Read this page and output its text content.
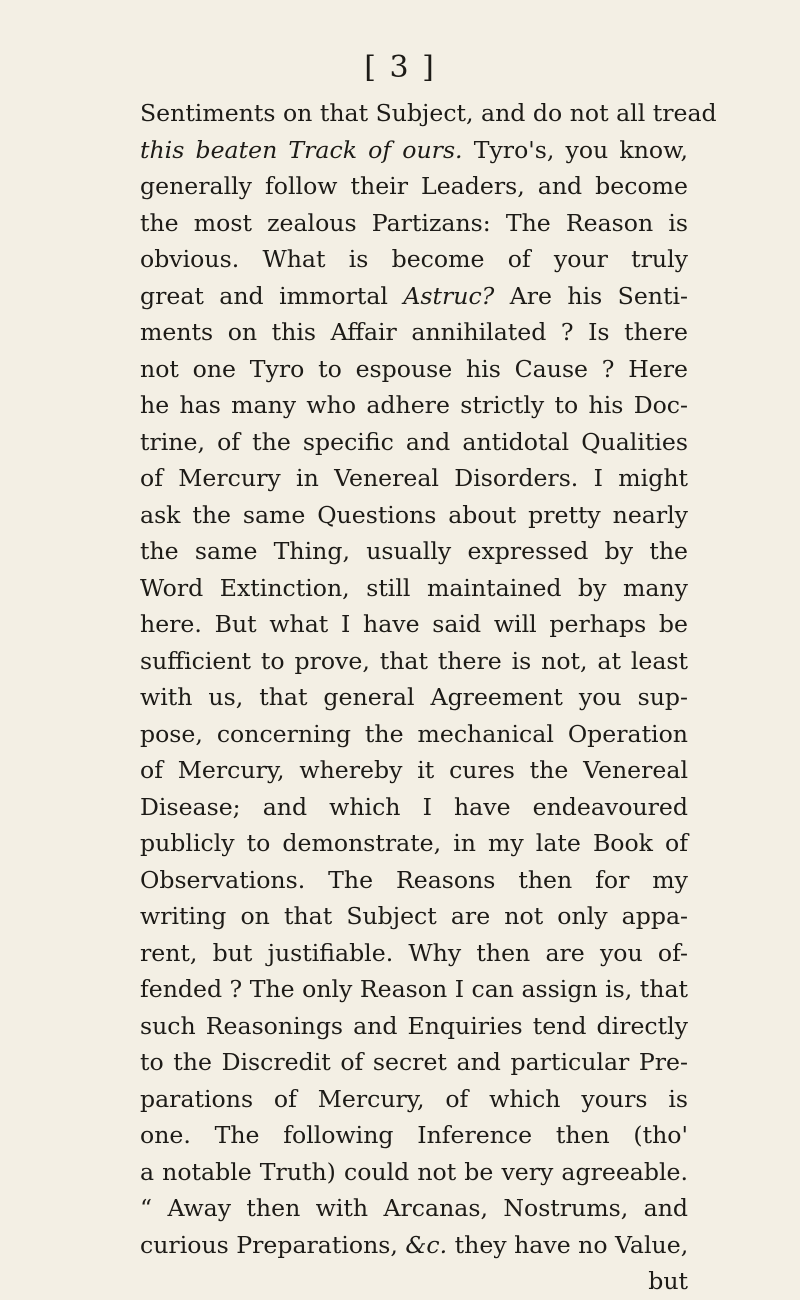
[ 3 ]
Sentiments on that Subject, and do not all tread
this beaten Track of ours. Tyro's, you know,
generally follow their Leaders, and become
the most zealous Partizans: The Reason is
obvious. What is become of your truly
great and immortal Astruc? Are his Senti-
ments on this Affair annihilated ? Is there
not one Tyro to espouse his Cause ? Here
he has many who adhere strictly to his Doc-
trine, of the specific and antidotal Qualities
of Mercury in Venereal Disorders. I might
ask the same Questions about pretty nearly
the same Thing, usually expressed by the
Word Extinction, still maintained by many
here. But what I have said will perhaps be
sufficient to prove, that there is not, at least
with us, that general Agreement you sup-
pose, concerning the mechanical Operation
of Mercury, whereby it cures the Venereal
Disease; and which I have endeavoured
publicly to demonstrate, in my late Book of
Observations. The Reasons then for my
writing on that Subject are not only appa-
rent, but justifiable. Why then are you of-
fended ? The only Reason I can assign is, that
such Reasonings and Enquiries tend directly
to the Discredit of secret and particular Pre-
parations of Mercury, of which yours is
one. The following Inference then (tho'
a notable Truth) could not be very agreeable.
“ Away then with Arcanas, Nostrums, and
curious Preparations, &c. they have no Value,
but
